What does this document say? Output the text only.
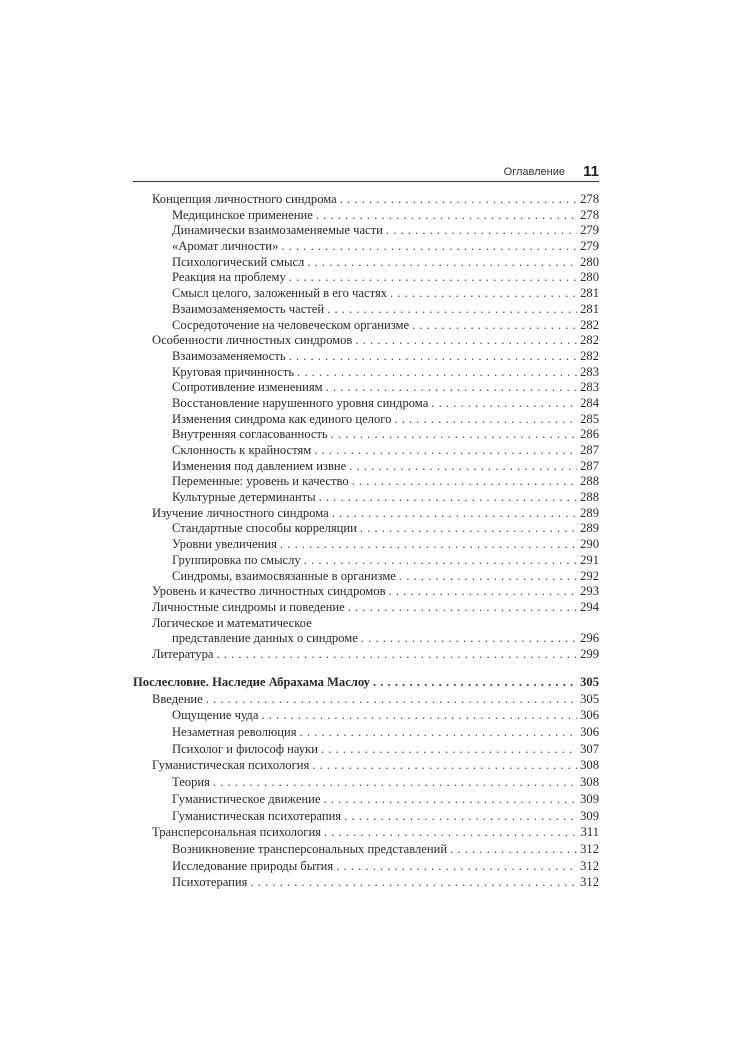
Оглавление 11
Концепция личностного синдрома . . .	278
Медицинское применение . . .	278
Динамически взаимозаменяемые части . . .	279
«Аромат личности» . . .	279
Психологический смысл . . .	280
Реакция на проблему . . .	280
Смысл целого, заложенный в его частях . . .	281
Взаимозаменяемость частей . . .	281
Сосредоточение на человеческом организме . . .	282
Особенности личностных синдромов . . .	282
Взаимозаменяемость . . .	282
Круговая причинность . . .	283
Сопротивление изменениям . . .	283
Восстановление нарушенного уровня синдрома . . .	284
Изменения синдрома как единого целого . . .	285
Внутренняя согласованность . . .	286
Склонность к крайностям . . .	287
Изменения под давлением извне . . .	287
Переменные: уровень и качество . . .	288
Культурные детерминанты . . .	288
Изучение личностного синдрома . . .	289
Стандартные способы корреляции . . .	289
Уровни увеличения . . .	290
Группировка по смыслу . . .	291
Синдромы, взаимосвязанные в организме . . .	292
Уровень и качество личностных синдромов . . .	293
Личностные синдромы и поведение . . .	294
Логическое и математическое
представление данных о синдроме . . .	296
Литература . . .	299
Послесловие. Наследие Абрахама Маслоу . . .	305
Введение . . .	305
Ощущение чуда . . .	306
Незаметная революция . . .	306
Психолог и философ науки . . .	307
Гуманистическая психология . . .	308
Теория . . .	308
Гуманистическое движение . . .	309
Гуманистическая психотерапия . . .	309
Трансперсональная психология . . .	311
Возникновение трансперсональных представлений . . .	312
Исследование природы бытия . . .	312
Психотерапия . . .	312
